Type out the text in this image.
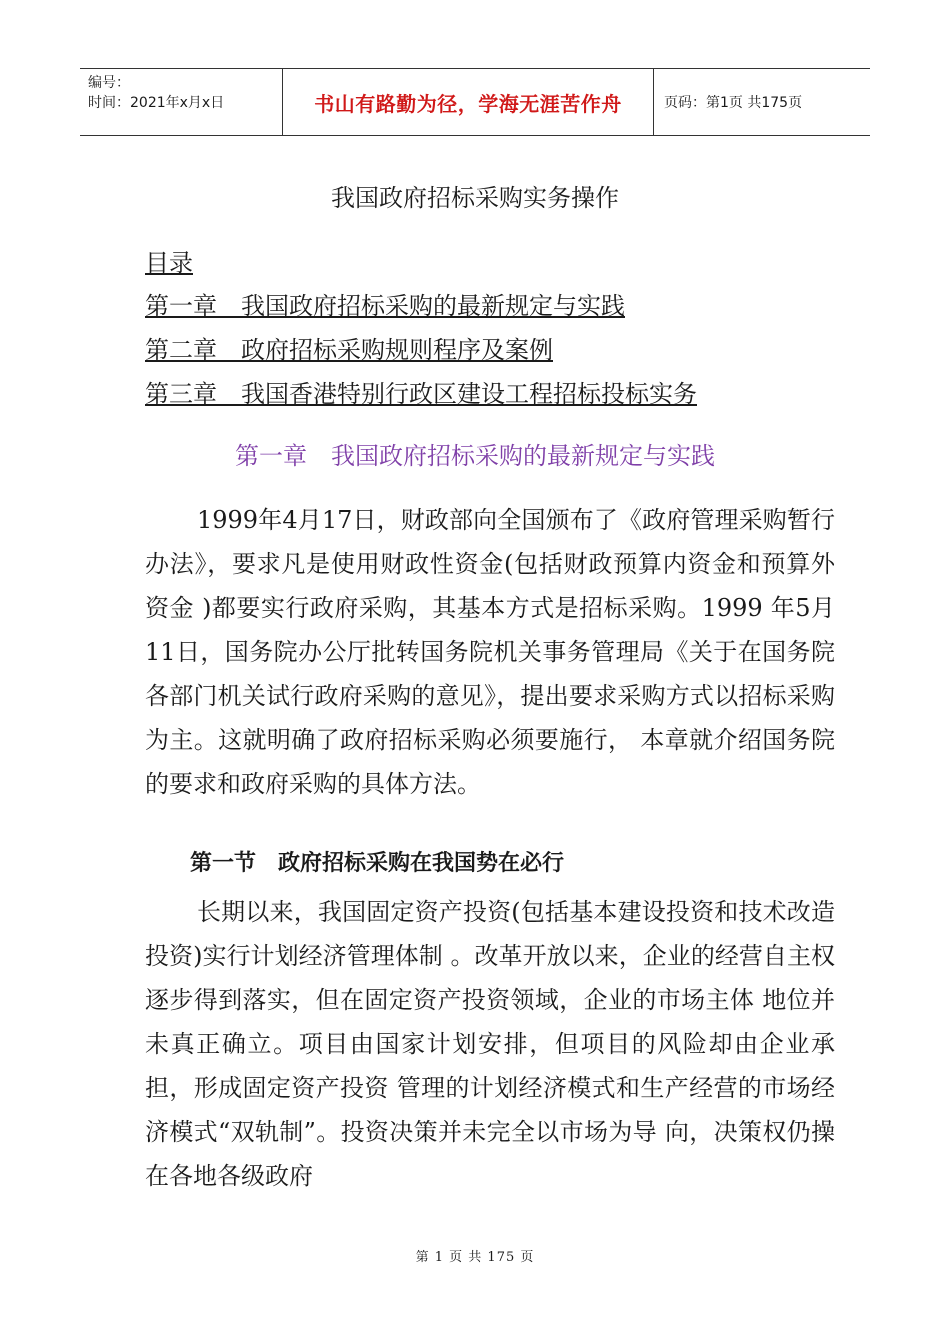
编号：
时间：2021年x月x日	书山有路勤为径，学海无涯苦作舟	页码：第1页 共175页
我国政府招标采购实务操作
目录
第一章　我国政府招标采购的最新规定与实践
第二章　政府招标采购规则程序及案例
第三章　我国香港特别行政区建设工程招标投标实务
第一章　我国政府招标采购的最新规定与实践
1999年4月17日，财政部向全国颁布了《政府管理采购暂行办法》，要求凡是使用财政性资金(包括财政预算内资金和预算外资金 )都要实行政府采购，其基本方式是招标采购。1999 年5月11日，国务院办公厅批转国务院机关事务管理局《关于在国务院各部门机关试行政府采购的意见》，提出要求采购方式以招标采购为主。这就明确了政府招标采购必须要施行， 本章就介绍国务院的要求和政府采购的具体方法。
第一节　政府招标采购在我国势在必行
长期以来，我国固定资产投资(包括基本建设投资和技术改造投资)实行计划经济管理体制 。改革开放以来，企业的经营自主权逐步得到落实，但在固定资产投资领域，企业的市场主体 地位并未真正确立。项目由国家计划安排，但项目的风险却由企业承担，形成固定资产投资 管理的计划经济模式和生产经营的市场经济模式“双轨制”。投资决策并未完全以市场为导 向，决策权仍操在各地各级政府
第 1 页 共 175 页
